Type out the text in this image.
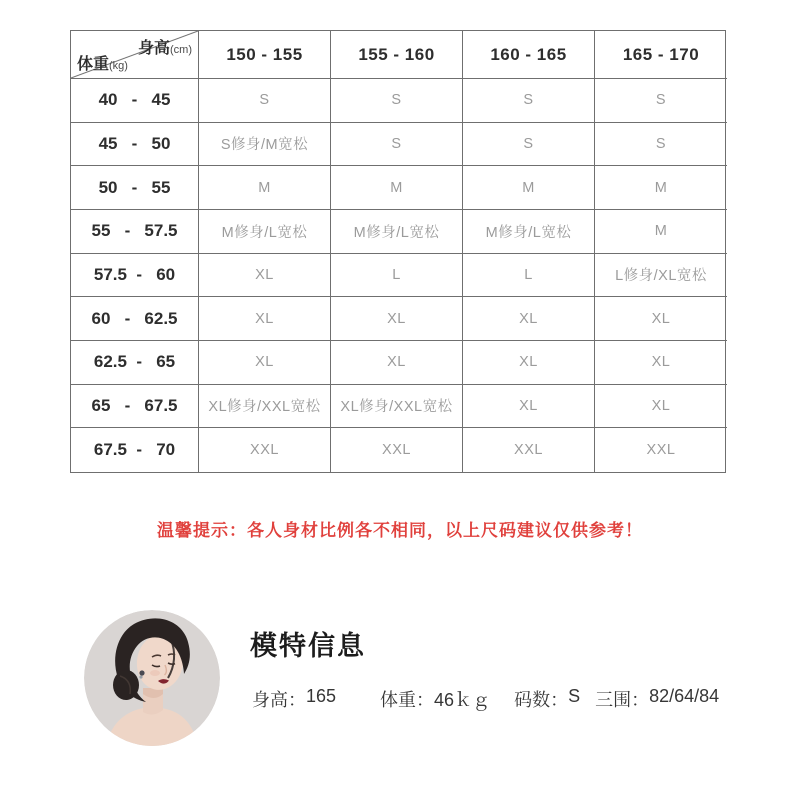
身高(cm)
体重(kg)
150 - 155	155 - 160	160 - 165	165 - 170
40   -   45	S	S	S	S
45   -   50	S修身/M宽松	S	S	S
50   -   55	M	M	M	M
55   -   57.5	M修身/L宽松	M修身/L宽松	M修身/L宽松	M
57.5  -   60	XL	L	L	L修身/XL宽松
60   -   62.5	XL	XL	XL	XL
62.5  -   65	XL	XL	XL	XL
65   -   67.5	XL修身/XXL宽松	XL修身/XXL宽松	XL	XL
67.5  -   70	XXL	XXL	XXL	XXL
温馨提示：各人身材比例各不相同，以上尺码建议仅供参考！
模特信息
身高： 165 体重： 46ｋｇ 码数： S 三围： 82/64/84
